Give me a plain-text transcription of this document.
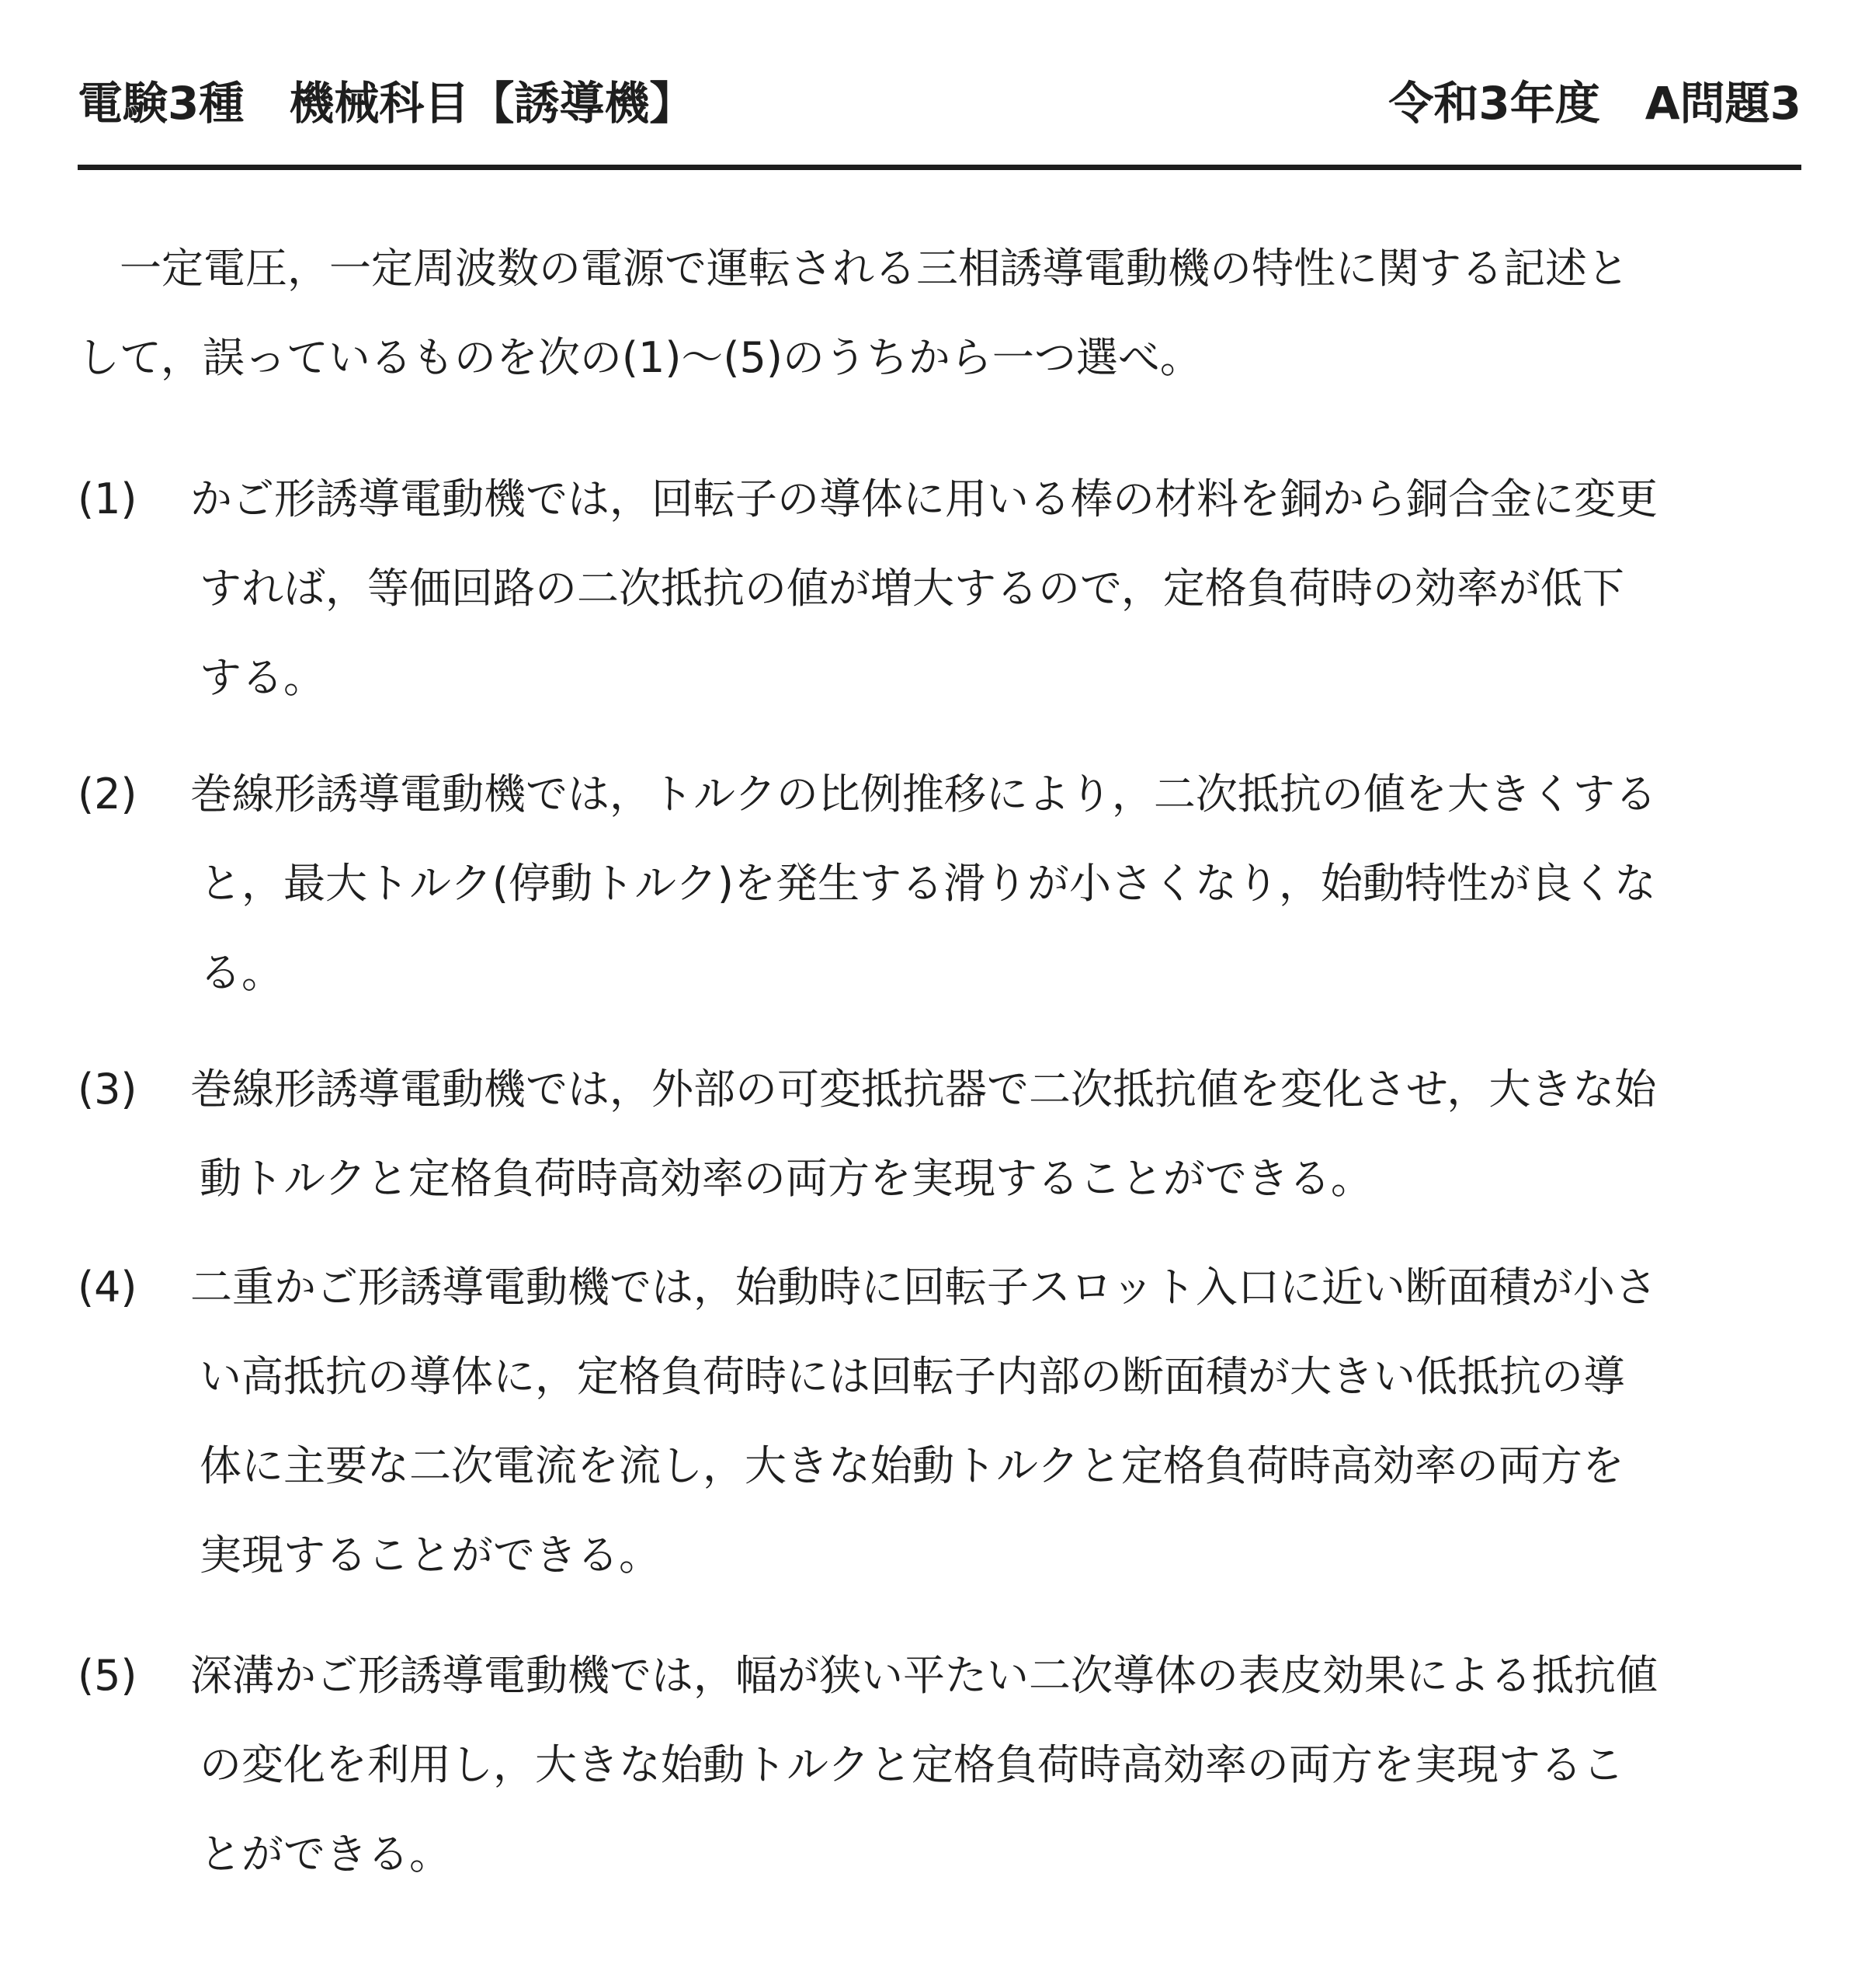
電験3種　機械科目【誘導機】	令和3年度　A問題3
　一定電圧，一定周波数の電源で運転される三相誘導電動機の特性に関する記述と
して，誤っているものを次の(1)〜(5)のうちから一つ選べ。
(1) かご形誘導電動機では，回転子の導体に用いる棒の材料を銅から銅合金に変更
すれば，等価回路の二次抵抗の値が増大するので，定格負荷時の効率が低下
する。
(2) 巻線形誘導電動機では，トルクの比例推移により，二次抵抗の値を大きくする
と，最大トルク(停動トルク)を発生する滑りが小さくなり，始動特性が良くな
る。
(3) 巻線形誘導電動機では，外部の可変抵抗器で二次抵抗値を変化させ，大きな始
動トルクと定格負荷時高効率の両方を実現することができる。
(4) 二重かご形誘導電動機では，始動時に回転子スロット入口に近い断面積が小さ
い高抵抗の導体に，定格負荷時には回転子内部の断面積が大きい低抵抗の導
体に主要な二次電流を流し，大きな始動トルクと定格負荷時高効率の両方を
実現することができる。
(5) 深溝かご形誘導電動機では，幅が狭い平たい二次導体の表皮効果による抵抗値
の変化を利用し，大きな始動トルクと定格負荷時高効率の両方を実現するこ
とができる。
